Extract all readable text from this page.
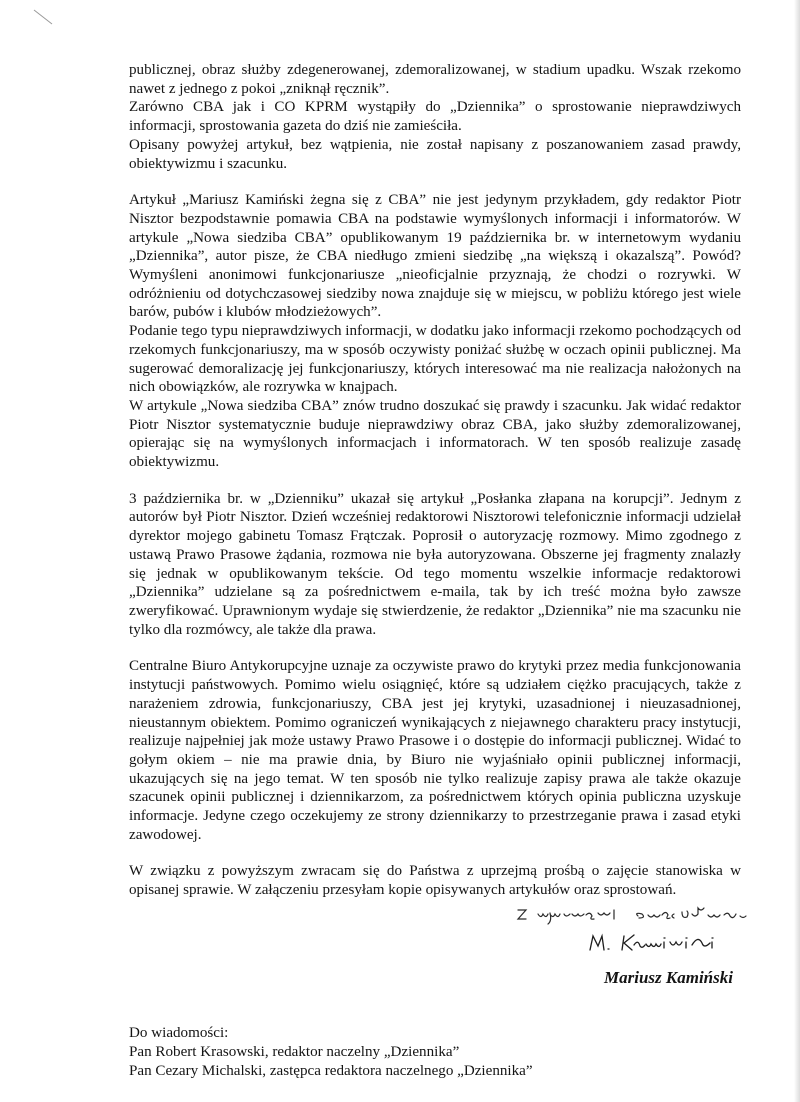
publicznej, obraz służby zdegenerowanej, zdemoralizowanej, w stadium upadku. Wszak rzekomo nawet z jednego z pokoi „zniknął ręcznik”.

Zarówno CBA jak i CO KPRM wystąpiły do „Dziennika” o sprostowanie nieprawdziwych informacji, sprostowania gazeta do dziś nie zamieściła.

Opisany powyżej artykuł, bez wątpienia, nie został napisany z poszanowaniem zasad prawdy, obiektywizmu i szacunku.

Artykuł „Mariusz Kamiński żegna się z CBA” nie jest jedynym przykładem, gdy redaktor Piotr Nisztor bezpodstawnie pomawia CBA na podstawie wymyślonych informacji i informatorów. W artykule „Nowa siedziba CBA” opublikowanym 19 października br. w internetowym wydaniu „Dziennika”, autor pisze, że CBA niedługo zmieni siedzibę „na większą i okazalszą”. Powód? Wymyśleni anonimowi funkcjonariusze „nieoficjalnie przyznają, że chodzi o rozrywki. W odróżnieniu od dotychczasowej siedziby nowa znajduje się w miejscu, w pobliżu którego jest wiele barów, pubów i klubów młodzieżowych”.

Podanie tego typu nieprawdziwych informacji, w dodatku jako informacji rzekomo pochodzących od rzekomych funkcjonariuszy, ma w sposób oczywisty poniżać służbę w oczach opinii publicznej. Ma sugerować demoralizację jej funkcjonariuszy, których interesować ma nie realizacja nałożonych na nich obowiązków, ale rozrywka w knajpach.

W artykule „Nowa siedziba CBA” znów trudno doszukać się prawdy i szacunku. Jak widać redaktor Piotr Nisztor systematycznie buduje nieprawdziwy obraz CBA, jako służby zdemoralizowanej, opierając się na wymyślonych informacjach i informatorach. W ten sposób realizuje zasadę obiektywizmu.

3 października br. w „Dzienniku” ukazał się artykuł „Posłanka złapana na korupcji”. Jednym z autorów był Piotr Nisztor. Dzień wcześniej redaktorowi Nisztorowi telefonicznie informacji udzielał dyrektor mojego gabinetu Tomasz Frątczak. Poprosił o autoryzację rozmowy. Mimo zgodnego z ustawą Prawo Prasowe żądania, rozmowa nie była autoryzowana. Obszerne jej fragmenty znalazły się jednak w opublikowanym tekście. Od tego momentu wszelkie informacje redaktorowi „Dziennika” udzielane są za pośrednictwem e-maila, tak by ich treść można było zawsze zweryfikować. Uprawnionym wydaje się stwierdzenie, że redaktor „Dziennika” nie ma szacunku nie tylko dla rozmówcy, ale także dla prawa.

Centralne Biuro Antykorupcyjne uznaje za oczywiste prawo do krytyki przez media funkcjonowania instytucji państwowych. Pomimo wielu osiągnięć, które są udziałem ciężko pracujących, także z narażeniem zdrowia, funkcjonariuszy, CBA jest jej krytyki, uzasadnionej i nieuzasadnionej, nieustannym obiektem. Pomimo ograniczeń wynikających z niejawnego charakteru pracy instytucji, realizuje najpełniej jak może ustawy Prawo Prasowe i o dostępie do informacji publicznej. Widać to gołym okiem – nie ma prawie dnia, by Biuro nie wyjaśniało opinii publicznej informacji, ukazujących się na jego temat. W ten sposób nie tylko realizuje zapisy prawa ale także okazuje szacunek opinii publicznej i dziennikarzom, za pośrednictwem których opinia publiczna uzyskuje informacje. Jedyne czego oczekujemy ze strony dziennikarzy to przestrzeganie prawa i zasad etyki zawodowej.

W związku z powyższym zwracam się do Państwa z uprzejmą prośbą o zajęcie stanowiska w opisanej sprawie. W załączeniu przesyłam kopie opisywanych artykułów oraz sprostowań.

Mariusz Kamiński

Do wiadomości:

Pan Robert Krasowski, redaktor naczelny „Dziennika”

Pan Cezary Michalski, zastępca redaktora naczelnego „Dziennika”
